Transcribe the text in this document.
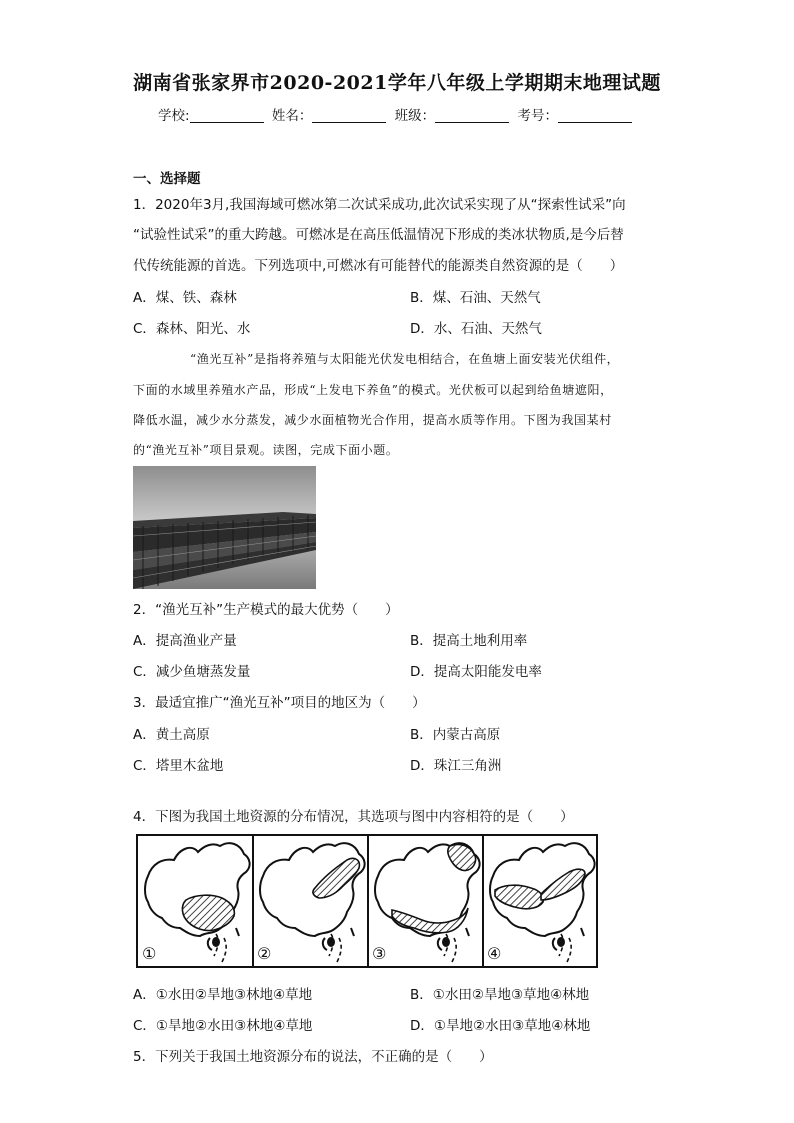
湖南省张家界市2020-2021学年八年级上学期期末地理试题
学校:	姓名：	班级：	考号：
一、选择题
1．2020年3月,我国海域可燃冰第二次试采成功,此次试采实现了从“探索性试采”向
“试验性试采”的重大跨越。可燃冰是在高压低温情况下形成的类冰状物质,是今后替
代传统能源的首选。下列选项中,可燃冰有可能替代的能源类自然资源的是（　　）
A．煤、铁、森林	B．煤、石油、天然气
C．森林、阳光、水	D．水、石油、天然气
“渔光互补”是指将养殖与太阳能光伏发电相结合，在鱼塘上面安装光伏组件，
下面的水域里养殖水产品，形成“上发电下养鱼”的模式。光伏板可以起到给鱼塘遮阳，
降低水温，减少水分蒸发，减少水面植物光合作用，提高水质等作用。下图为我国某村
的“渔光互补”项目景观。读图，完成下面小题。
2．“渔光互补”生产模式的最大优势（　　）
A．提高渔业产量	B．提高土地利用率
C．减少鱼塘蒸发量	D．提高太阳能发电率
3．最适宜推广“渔光互补”项目的地区为（　　）
A．黄土高原	B．内蒙古高原
C．塔里木盆地	D．珠江三角洲
4．下图为我国土地资源的分布情况，其选项与图中内容相符的是（　　）
①	②	③	④
A．①水田②旱地③林地④草地	B．①水田②旱地③草地④林地
C．①旱地②水田③林地④草地	D．①旱地②水田③草地④林地
5．下列关于我国土地资源分布的说法，不正确的是（　　）
